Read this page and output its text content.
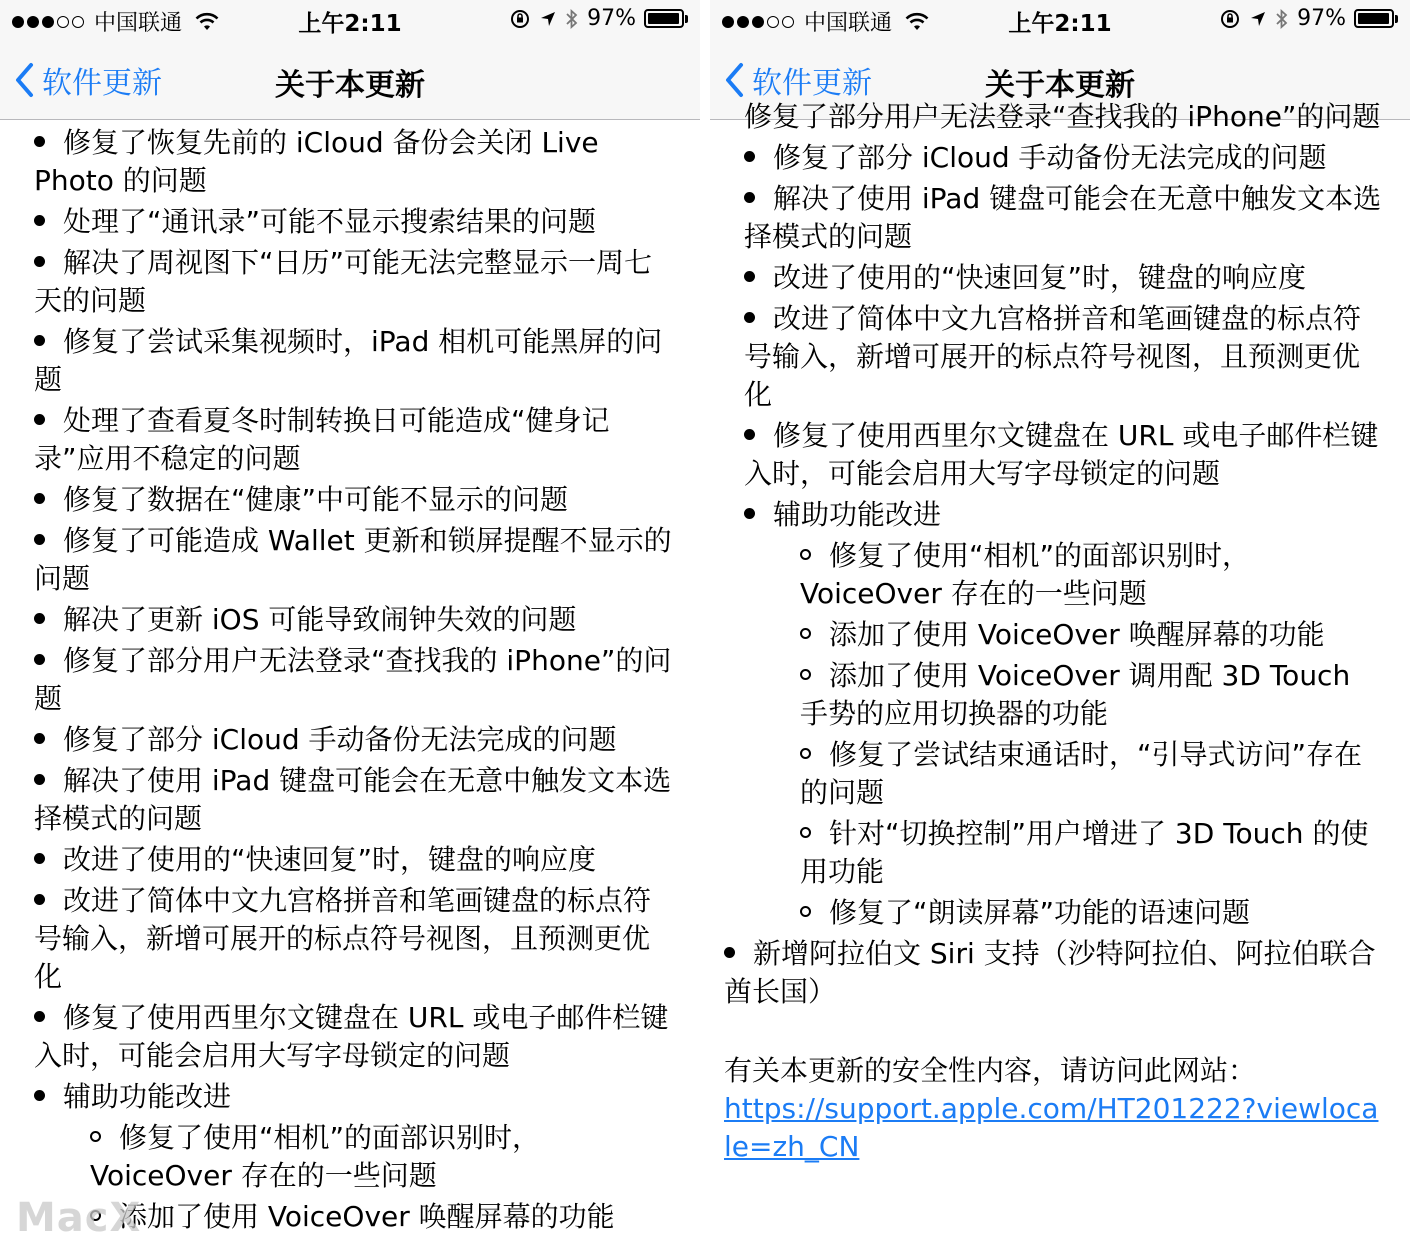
中国联通	上午2:11	97%
软件更新	关于本更新
修复了恢复先前的 iCloud 备份会关闭 Live Photo 的问题
处理了“通讯录”可能不显示搜索结果的问题
解决了周视图下“日历”可能无法完整显示一周七天的问题
修复了尝试采集视频时，iPad 相机可能黑屏的问题
处理了查看夏冬时制转换日可能造成“健身记录”应用不稳定的问题
修复了数据在“健康”中可能不显示的问题
修复了可能造成 Wallet 更新和锁屏提醒不显示的问题
解决了更新 iOS 可能导致闹钟失效的问题
修复了部分用户无法登录“查找我的 iPhone”的问题
修复了部分 iCloud 手动备份无法完成的问题
解决了使用 iPad 键盘可能会在无意中触发文本选择模式的问题
改进了使用的“快速回复”时，键盘的响应度
改进了简体中文九宫格拼音和笔画键盘的标点符号输入，新增可展开的标点符号视图，且预测更优化
修复了使用西里尔文键盘在 URL 或电子邮件栏键入时，可能会启用大写字母锁定的问题
辅助功能改进
修复了使用“相机”的面部识别时，VoiceOver 存在的一些问题
添加了使用 VoiceOver 唤醒屏幕的功能
MacX
中国联通	上午2:11	97%
软件更新	关于本更新
修复了部分用户无法登录“查找我的 iPhone”的问题
修复了部分 iCloud 手动备份无法完成的问题
解决了使用 iPad 键盘可能会在无意中触发文本选择模式的问题
改进了使用的“快速回复”时，键盘的响应度
改进了简体中文九宫格拼音和笔画键盘的标点符号输入，新增可展开的标点符号视图，且预测更优化
修复了使用西里尔文键盘在 URL 或电子邮件栏键入时，可能会启用大写字母锁定的问题
辅助功能改进
修复了使用“相机”的面部识别时，VoiceOver 存在的一些问题
添加了使用 VoiceOver 唤醒屏幕的功能
添加了使用 VoiceOver 调用配 3D Touch 手势的应用切换器的功能
修复了尝试结束通话时，“引导式访问”存在的问题
针对“切换控制”用户增进了 3D Touch 的使用功能
修复了“朗读屏幕”功能的语速问题
新增阿拉伯文 Siri 支持（沙特阿拉伯、阿拉伯联合酋长国）
有关本更新的安全性内容，请访问此网站：
https://support.apple.com/HT201222?viewlocale=zh_CN
